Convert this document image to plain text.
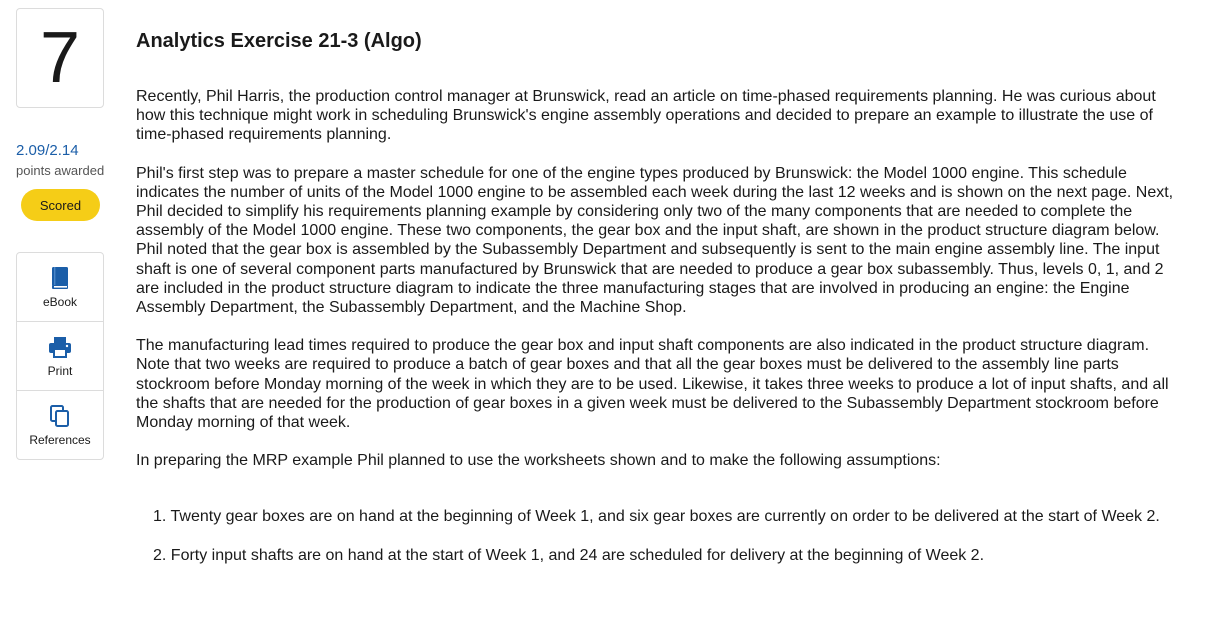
7
2.09/2.14
points awarded
Scored
eBook
Print
References
Analytics Exercise 21-3 (Algo)

Recently, Phil Harris, the production control manager at Brunswick, read an article on time-phased requirements planning. He was curious about how this technique might work in scheduling Brunswick's engine assembly operations and decided to prepare an example to illustrate the use of time-phased requirements planning.

Phil's first step was to prepare a master schedule for one of the engine types produced by Brunswick: the Model 1000 engine. This schedule indicates the number of units of the Model 1000 engine to be assembled each week during the last 12 weeks and is shown on the next page. Next, Phil decided to simplify his requirements planning example by considering only two of the many components that are needed to complete the assembly of the Model 1000 engine. These two components, the gear box and the input shaft, are shown in the product structure diagram below. Phil noted that the gear box is assembled by the Subassembly Department and subsequently is sent to the main engine assembly line. The input shaft is one of several component parts manufactured by Brunswick that are needed to produce a gear box subassembly. Thus, levels 0, 1, and 2 are included in the product structure diagram to indicate the three manufacturing stages that are involved in producing an engine: the Engine Assembly Department, the Subassembly Department, and the Machine Shop.

The manufacturing lead times required to produce the gear box and input shaft components are also indicated in the product structure diagram. Note that two weeks are required to produce a batch of gear boxes and that all the gear boxes must be delivered to the assembly line parts stockroom before Monday morning of the week in which they are to be used. Likewise, it takes three weeks to produce a lot of input shafts, and all the shafts that are needed for the production of gear boxes in a given week must be delivered to the Subassembly Department stockroom before Monday morning of that week.

In preparing the MRP example Phil planned to use the worksheets shown and to make the following assumptions:

1. Twenty gear boxes are on hand at the beginning of Week 1, and six gear boxes are currently on order to be delivered at the start of Week 2.

2. Forty input shafts are on hand at the start of Week 1, and 24 are scheduled for delivery at the beginning of Week 2.
